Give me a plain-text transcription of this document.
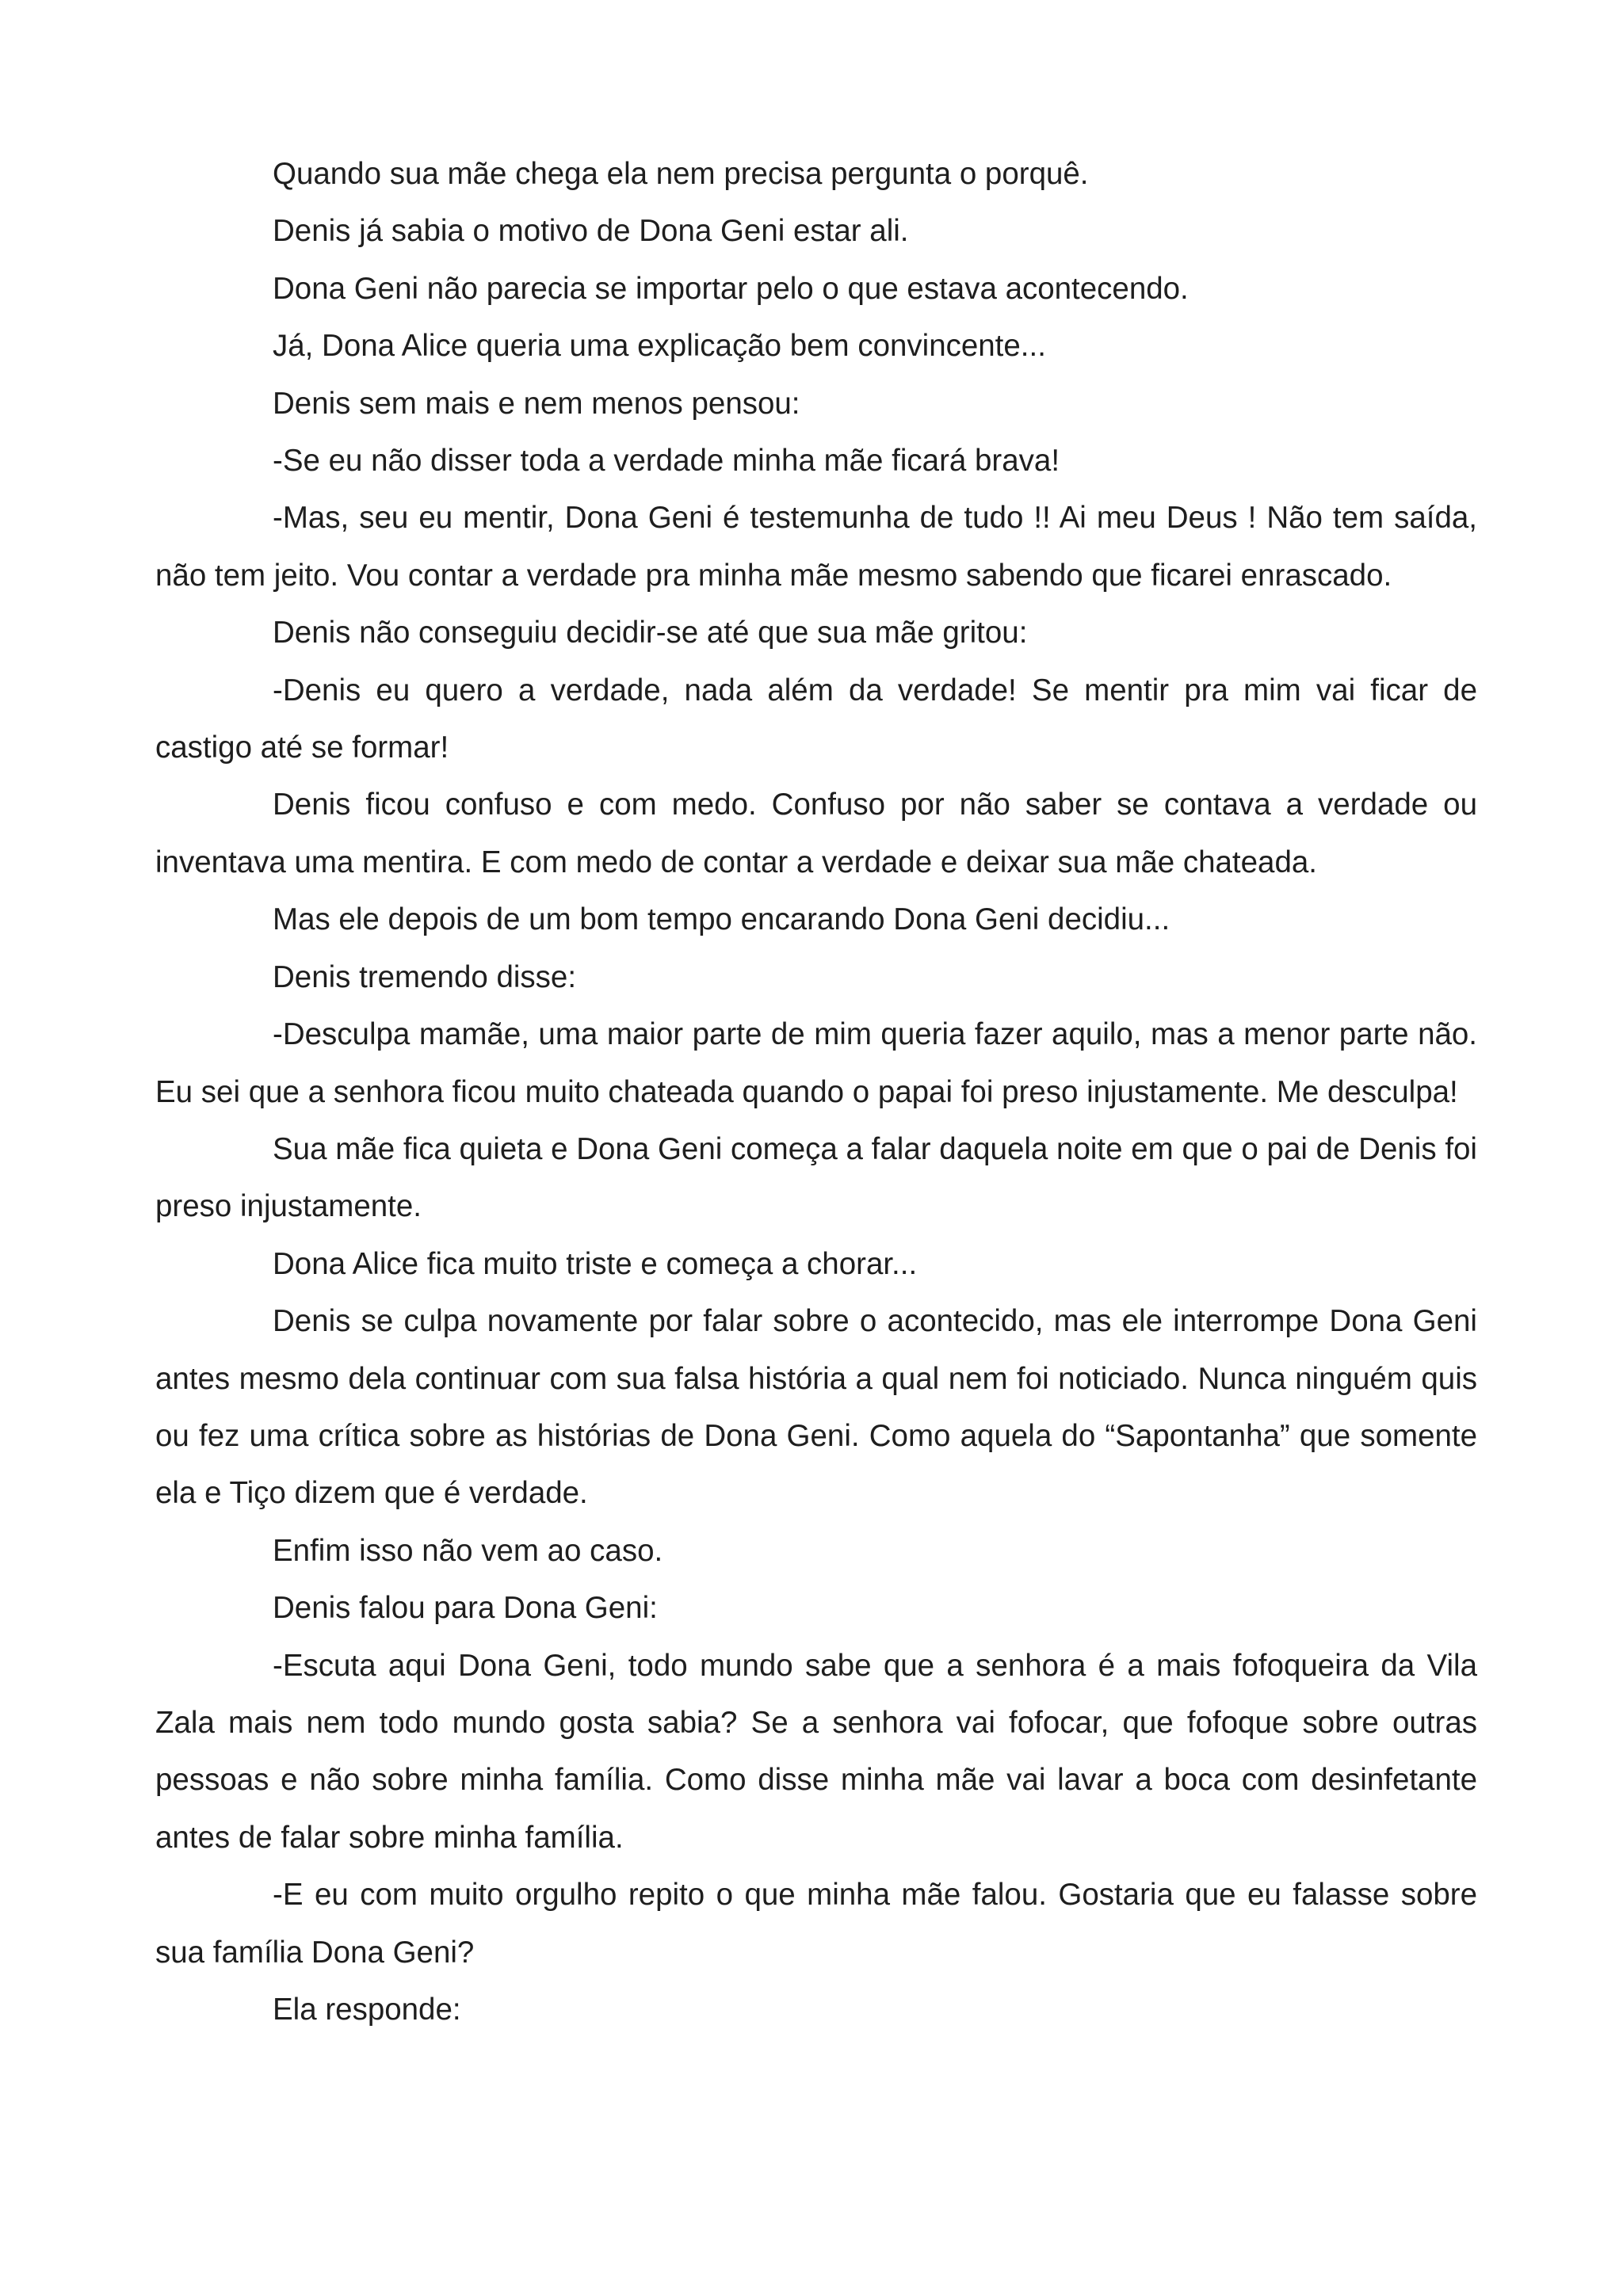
Quando sua mãe chega ela nem precisa pergunta o porquê.

Denis já sabia o motivo de Dona Geni estar ali.

Dona Geni não parecia se importar pelo o que estava acontecendo.

Já, Dona Alice queria uma explicação bem convincente...

Denis sem mais e nem menos pensou:

-Se eu não disser toda a verdade minha mãe ficará brava!

-Mas, seu eu mentir, Dona Geni é testemunha de tudo !! Ai meu Deus ! Não tem saída, não tem jeito. Vou contar a verdade pra minha mãe mesmo sabendo que ficarei enrascado.

Denis não conseguiu decidir-se até que sua mãe gritou:

-Denis eu quero a verdade, nada além da verdade! Se mentir pra mim vai ficar de castigo até se formar!

Denis ficou confuso e com medo. Confuso por não saber se contava a verdade ou inventava uma mentira. E com medo de contar a verdade e deixar sua mãe chateada.

Mas ele depois de um bom tempo encarando Dona Geni decidiu...

Denis tremendo disse:

-Desculpa mamãe, uma maior parte de mim queria fazer aquilo, mas a menor parte não. Eu sei que a senhora ficou muito chateada quando o papai foi preso injustamente. Me desculpa!

Sua mãe fica quieta e Dona Geni começa a falar daquela noite em que o pai de Denis foi preso injustamente.

Dona Alice fica muito triste e começa a chorar...

Denis se culpa novamente por falar sobre o acontecido, mas ele interrompe Dona Geni antes mesmo dela continuar com sua falsa história a qual nem foi noticiado. Nunca ninguém quis ou fez uma crítica sobre as histórias de Dona Geni. Como aquela do “Sapontanha” que somente ela e Tiço dizem que é verdade.

Enfim isso não vem ao caso.

Denis falou para Dona Geni:

-Escuta aqui Dona Geni, todo mundo sabe que a senhora é a mais fofoqueira da Vila Zala mais nem todo mundo gosta sabia? Se a senhora vai fofocar, que fofoque sobre outras pessoas e não sobre minha família. Como disse minha mãe vai lavar a boca com desinfetante antes de falar sobre minha família.

-E eu com muito orgulho repito o que minha mãe falou. Gostaria que eu falasse sobre sua família Dona Geni?

Ela responde:
